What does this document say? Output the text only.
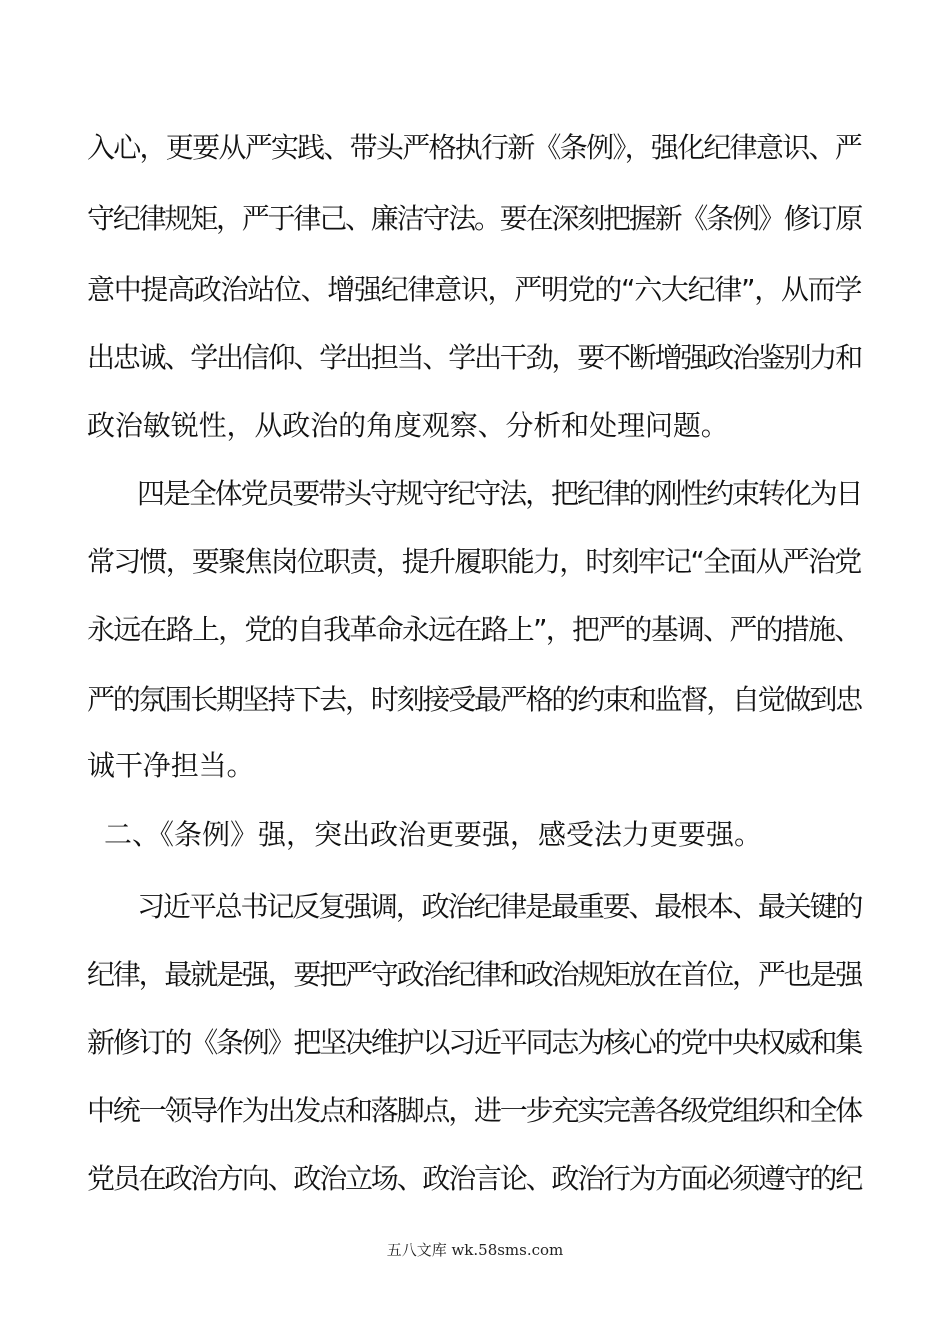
入心，更要从严实践、带头严格执行新《条例》，强化纪律意识、严
守纪律规矩，严于律己、廉洁守法。要在深刻把握新《条例》修订原
意中提高政治站位、增强纪律意识，严明党的“六大纪律”，从而学
出忠诚、学出信仰、学出担当、学出干劲，要不断增强政治鉴别力和
政治敏锐性，从政治的角度观察、分析和处理问题。
四是全体党员要带头守规守纪守法，把纪律的刚性约束转化为日
常习惯，要聚焦岗位职责，提升履职能力，时刻牢记“全面从严治党
永远在路上，党的自我革命永远在路上”，把严的基调、严的措施、
严的氛围长期坚持下去，时刻接受最严格的约束和监督，自觉做到忠
诚干净担当。
二、《条例》强，突出政治更要强，感受法力更要强。
习近平总书记反复强调，政治纪律是最重要、最根本、最关键的
纪律，最就是强，要把严守政治纪律和政治规矩放在首位，严也是强
新修订的《条例》把坚决维护以习近平同志为核心的党中央权威和集
中统一领导作为出发点和落脚点，进一步充实完善各级党组织和全体
党员在政治方向、政治立场、政治言论、政治行为方面必须遵守的纪
五八文库 wk.58sms.com
